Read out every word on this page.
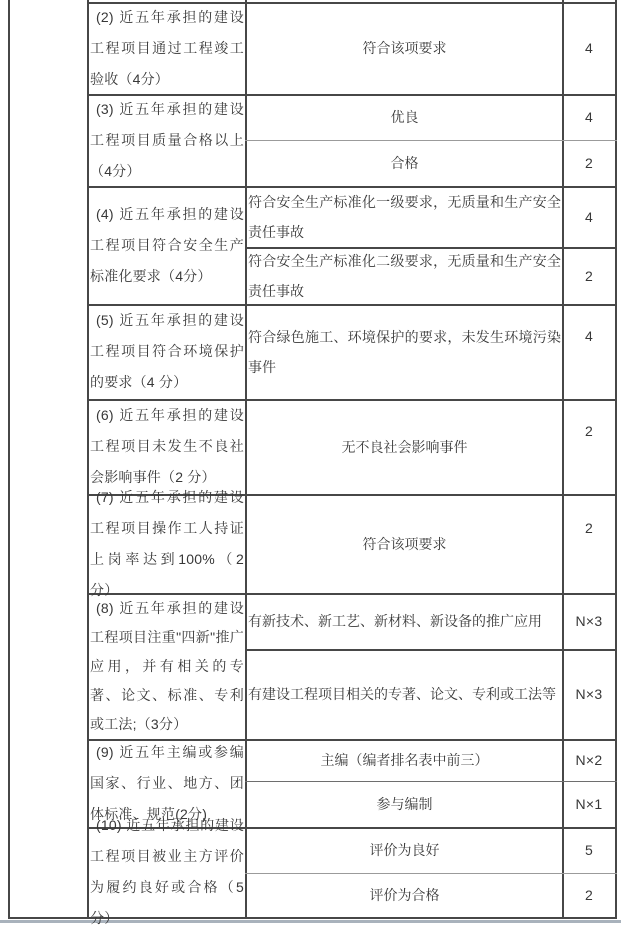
(2) 近五年承担的建设工程项目通过工程竣工验收（4分）
(3) 近五年承担的建设工程项目质量合格以上（4分）
(4) 近五年承担的建设工程项目符合安全生产标准化要求（4分）
(5) 近五年承担的建设工程项目符合环境保护的要求（4 分）
(6) 近五年承担的建设工程项目未发生不良社会影响事件（2 分）
(7) 近五年承担的建设工程项目操作工人持证上岗率达到100%（2 分）
(8) 近五年承担的建设工程项目注重"四新"推广应用，并有相关的专著、论文、标准、专利或工法;（3分）
(9) 近五年主编或参编国家、行业、地方、团体标准、规范(2分)
(10) 近五年承担的建设工程项目被业主方评价为履约良好或合格（5分）
符合该项要求
优良
合格
符合安全生产标准化一级要求，无质量和生产安全责任事故
符合安全生产标准化二级要求，无质量和生产安全责任事故
符合绿色施工、环境保护的要求，未发生环境污染事件
无不良社会影响事件
符合该项要求
有新技术、新工艺、新材料、新设备的推广应用
有建设工程项目相关的专著、论文、专利或工法等
主编（编者排名表中前三）
参与编制
评价为良好
评价为合格
4
4
2
4
2
4
2
2
N×3
N×3
N×2
N×1
5
2
